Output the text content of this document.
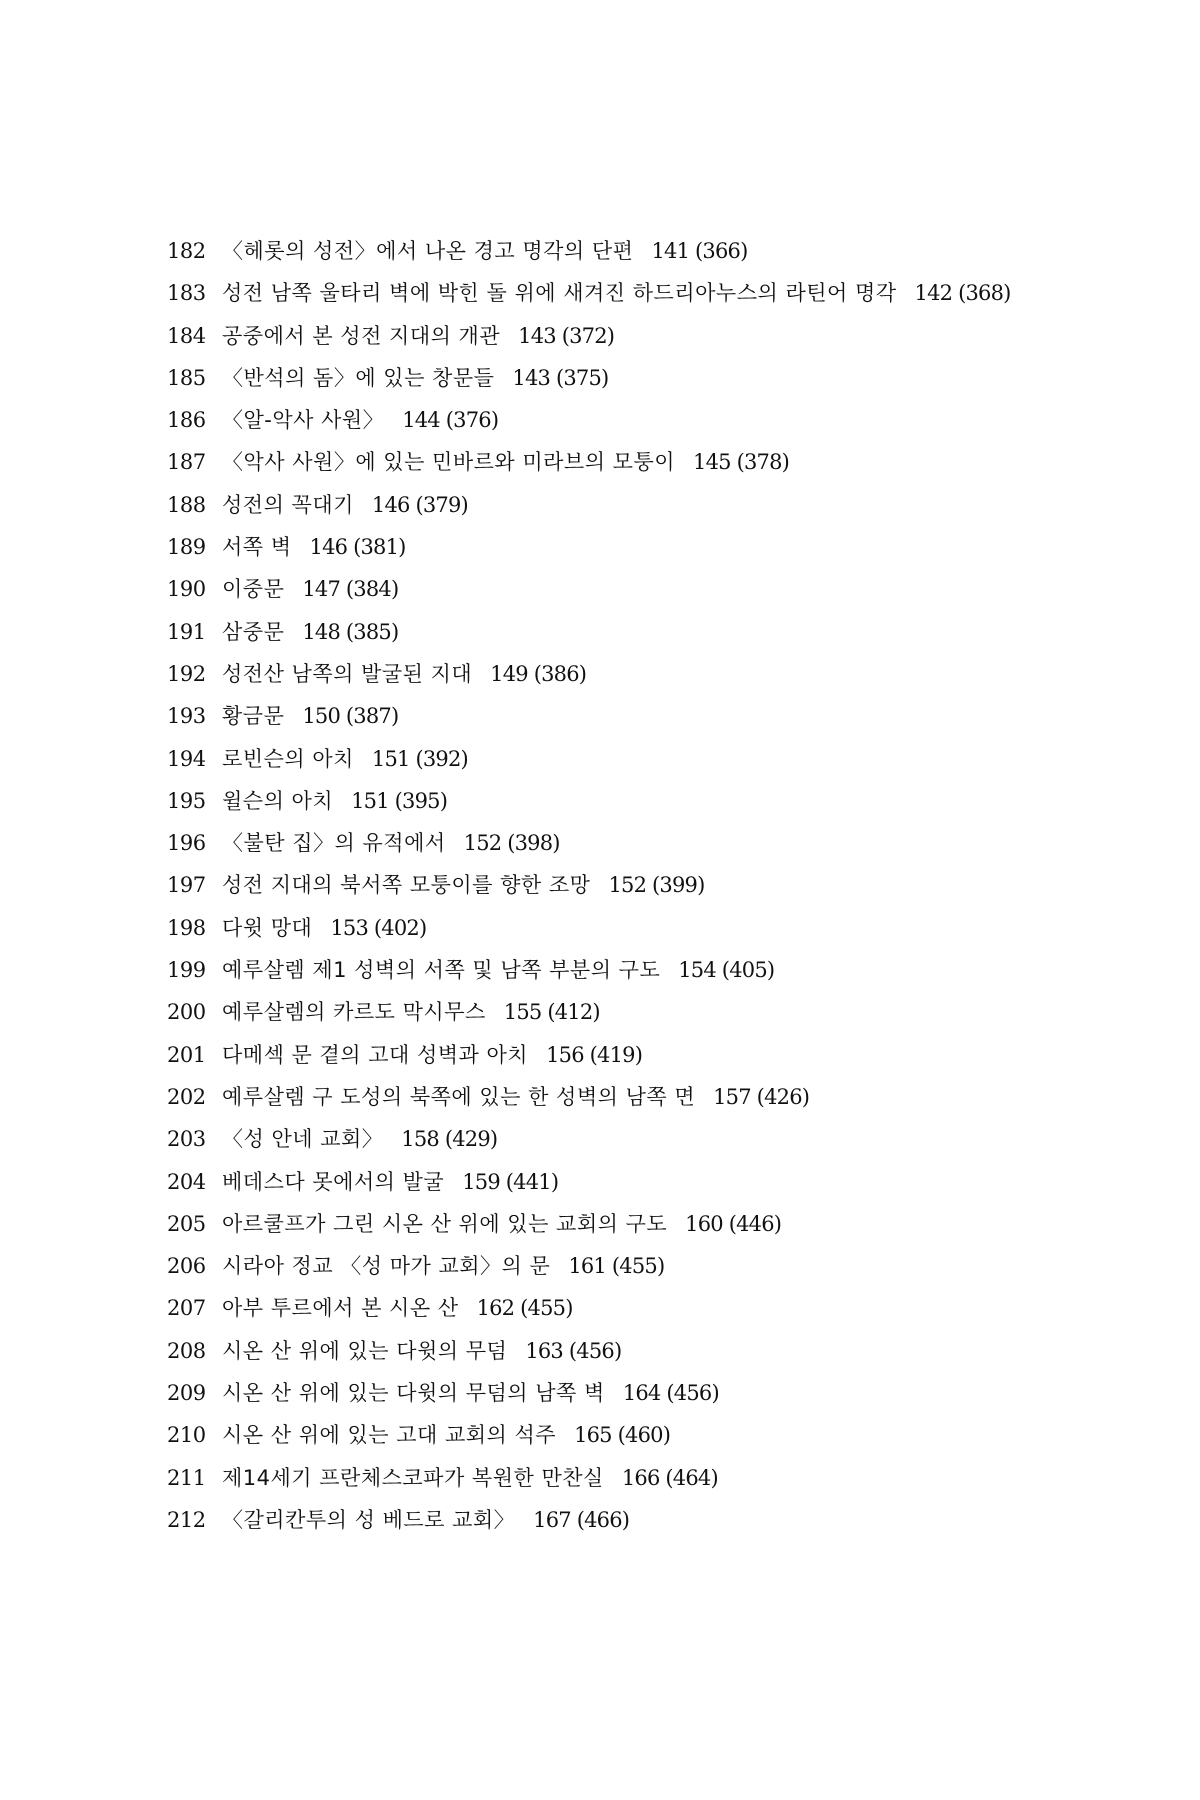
182 〈헤롯의 성전〉에서 나온 경고 명각의 단편 141 (366)
183 성전 남쪽 울타리 벽에 박힌 돌 위에 새겨진 하드리아누스의 라틴어 명각 142 (368)
184 공중에서 본 성전 지대의 개관 143 (372)
185 〈반석의 돔〉에 있는 창문들 143 (375)
186 〈알-악사 사원〉 144 (376)
187 〈악사 사원〉에 있는 민바르와 미라브의 모퉁이 145 (378)
188 성전의 꼭대기 146 (379)
189 서쪽 벽 146 (381)
190 이중문 147 (384)
191 삼중문 148 (385)
192 성전산 남쪽의 발굴된 지대 149 (386)
193 황금문 150 (387)
194 로빈슨의 아치 151 (392)
195 윌슨의 아치 151 (395)
196 〈불탄 집〉의 유적에서 152 (398)
197 성전 지대의 북서쪽 모퉁이를 향한 조망 152 (399)
198 다윗 망대 153 (402)
199 예루살렘 제1 성벽의 서쪽 및 남쪽 부분의 구도 154 (405)
200 예루살렘의 카르도 막시무스 155 (412)
201 다메섹 문 곁의 고대 성벽과 아치 156 (419)
202 예루살렘 구 도성의 북쪽에 있는 한 성벽의 남쪽 면 157 (426)
203 〈성 안네 교회〉 158 (429)
204 베데스다 못에서의 발굴 159 (441)
205 아르쿨프가 그린 시온 산 위에 있는 교회의 구도 160 (446)
206 시라아 정교 〈성 마가 교회〉의 문 161 (455)
207 아부 투르에서 본 시온 산 162 (455)
208 시온 산 위에 있는 다윗의 무덤 163 (456)
209 시온 산 위에 있는 다윗의 무덤의 남쪽 벽 164 (456)
210 시온 산 위에 있는 고대 교회의 석주 165 (460)
211 제14세기 프란체스코파가 복원한 만찬실 166 (464)
212 〈갈리칸투의 성 베드로 교회〉 167 (466)
